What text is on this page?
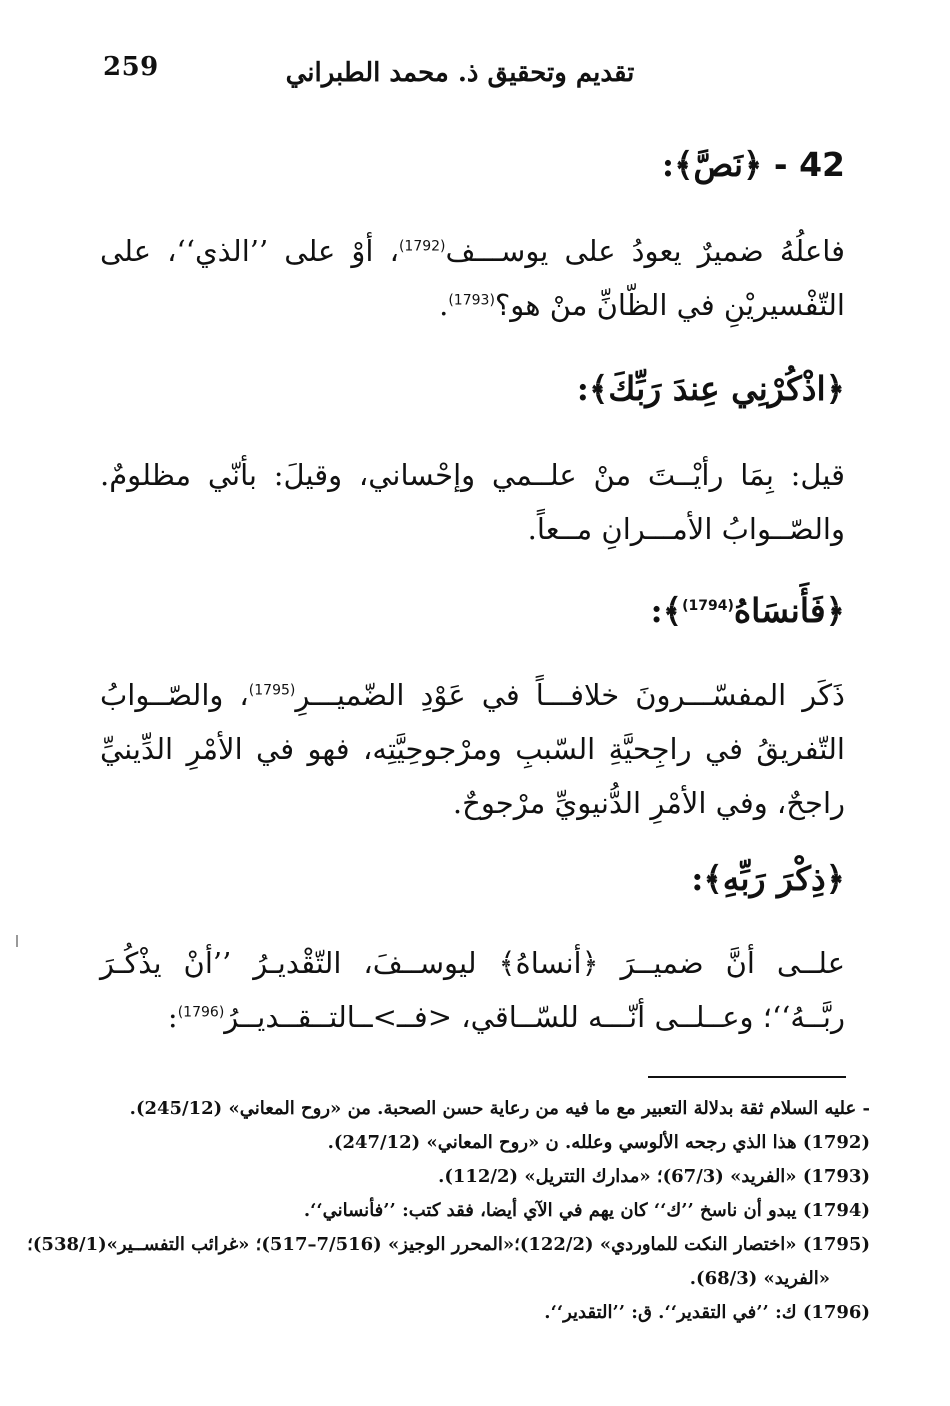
259	تقديم وتحقيق ذ. محمد الطبراني
42 - ﴿نَصَّ﴾:

فاعلُهُ ضميرٌ يعودُ على يوســـف$^{(1792)}$، أوْ على ’’الذي‘‘، على التّفْسيريْنِ في الظّانِّ منْ هو؟$^{(1793)}$.

﴿اذْكُرْنِي عِندَ رَبِّكَ﴾:

قيل: بِمَا رأيْــتَ منْ علــمي وإحْساني، وقيلَ: بأنّي مظلومٌ. والصّــوابُ الأمـــرانِ مــعاً.

﴿فَأَنسَاهُ$^{(1794)}$﴾:

ذَكَر المفسّـــرونَ خلافـــاً في عَوْدِ الضّميـــرِ$^{(1795)}$، والصّــوابُ التّفريقُ في راجِحيَّةِ السّببِ ومرْجوحِيَّتِه، فهو في الأمْرِ الدِّينيِّ راجحٌ، وفي الأمْرِ الدُّنيويِّ مرْجوحٌ.

﴿ذِكْرَ رَبِّهِ﴾:

علــى أنَّ ضميــرَ ﴿أنساهُ﴾ ليوســفَ، التّقْديـرُ ’’أنْ يذْكُـرَ ربَّــهُ‘‘؛ وعــلــى أنّـــه للسّــاقي، <فــ>ــالتــقــديــرُ$^{(1796)}$:

- عليه السلام ثقة بدلالة التعبير مع ما فيه من رعاية حسن الصحبة. من «روح المعاني» (245/12).

(1792) هذا الذي رجحه الألوسي وعلله. ن «روح المعاني» (247/12).

(1793) «الفريد» (67/3)؛ «مدارك التتريل» (112/2).

(1794) يبدو أن ناسخ ’’ك‘‘ كان يهم في الآي أيضا، فقد كتب: ’’فأنساني‘‘.

(1795) «اختصار النكت للماوردي» (122/2)؛«المحرر الوجيز» (7/516–517)؛ «غرائب التفســير»(538/1)؛

«الفريد» (68/3).

(1796) ك: ’’في التقدير‘‘. ق: ’’التقدير‘‘.
